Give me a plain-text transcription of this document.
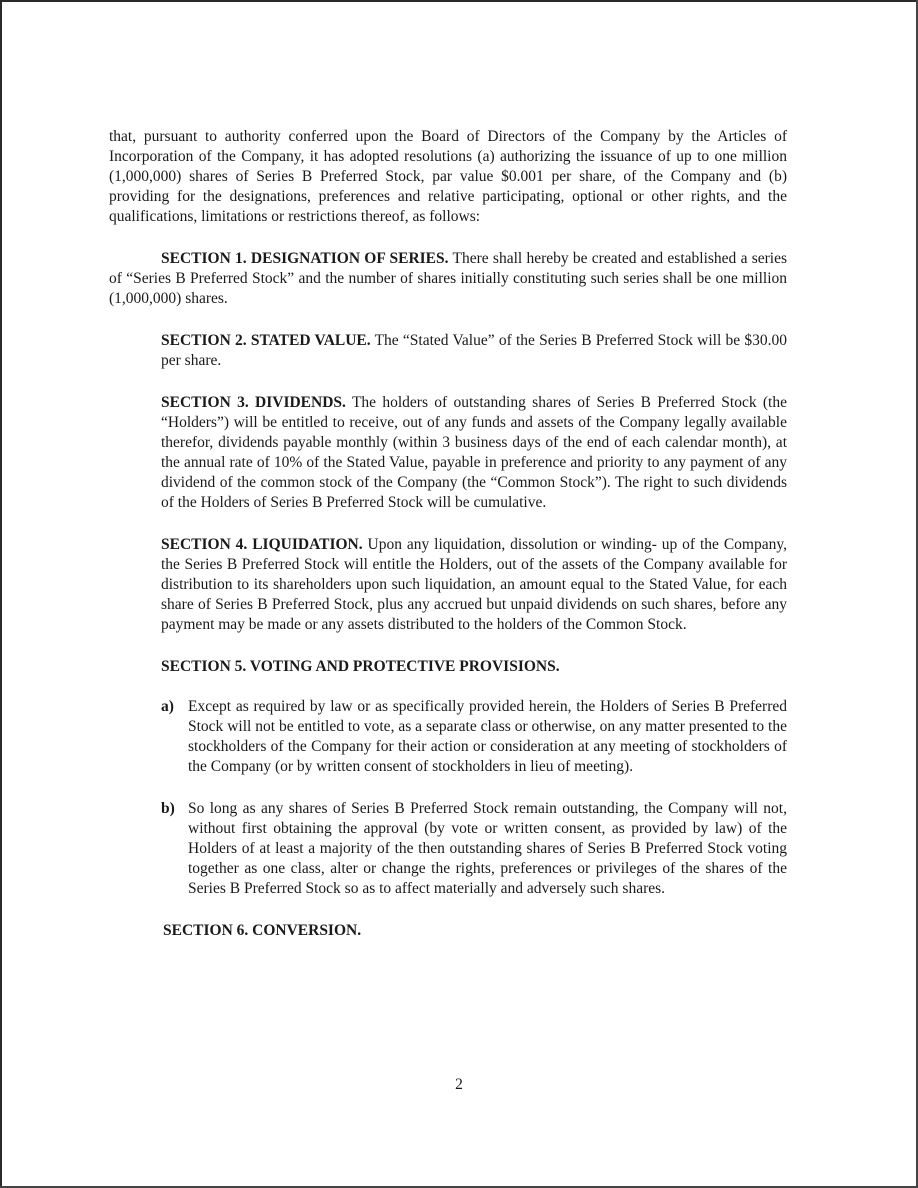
that, pursuant to authority conferred upon the Board of Directors of the Company by the Articles of Incorporation of the Company, it has adopted resolutions (a) authorizing the issuance of up to one million (1,000,000) shares of Series B Preferred Stock, par value $0.001 per share, of the Company and (b) providing for the designations, preferences and relative participating, optional or other rights, and the qualifications, limitations or restrictions thereof, as follows:

SECTION 1. DESIGNATION OF SERIES. There shall hereby be created and established a series of “Series B Preferred Stock” and the number of shares initially constituting such series shall be one million (1,000,000) shares.

SECTION 2. STATED VALUE. The “Stated Value” of the Series B Preferred Stock will be $30.00 per share.

SECTION 3. DIVIDENDS. The holders of outstanding shares of Series B Preferred Stock (the “Holders”) will be entitled to receive, out of any funds and assets of the Company legally available therefor, dividends payable monthly (within 3 business days of the end of each calendar month), at the annual rate of 10% of the Stated Value, payable in preference and priority to any payment of any dividend of the common stock of the Company (the “Common Stock”). The right to such dividends of the Holders of Series B Preferred Stock will be cumulative.

SECTION 4. LIQUIDATION. Upon any liquidation, dissolution or winding- up of the Company, the Series B Preferred Stock will entitle the Holders, out of the assets of the Company available for distribution to its shareholders upon such liquidation, an amount equal to the Stated Value, for each share of Series B Preferred Stock, plus any accrued but unpaid dividends on such shares, before any payment may be made or any assets distributed to the holders of the Common Stock.

SECTION 5. VOTING AND PROTECTIVE PROVISIONS.

a) Except as required by law or as specifically provided herein, the Holders of Series B Preferred Stock will not be entitled to vote, as a separate class or otherwise, on any matter presented to the stockholders of the Company for their action or consideration at any meeting of stockholders of the Company (or by written consent of stockholders in lieu of meeting).

b) So long as any shares of Series B Preferred Stock remain outstanding, the Company will not, without first obtaining the approval (by vote or written consent, as provided by law) of the Holders of at least a majority of the then outstanding shares of Series B Preferred Stock voting together as one class, alter or change the rights, preferences or privileges of the shares of the Series B Preferred Stock so as to affect materially and adversely such shares.

SECTION 6. CONVERSION.

2
